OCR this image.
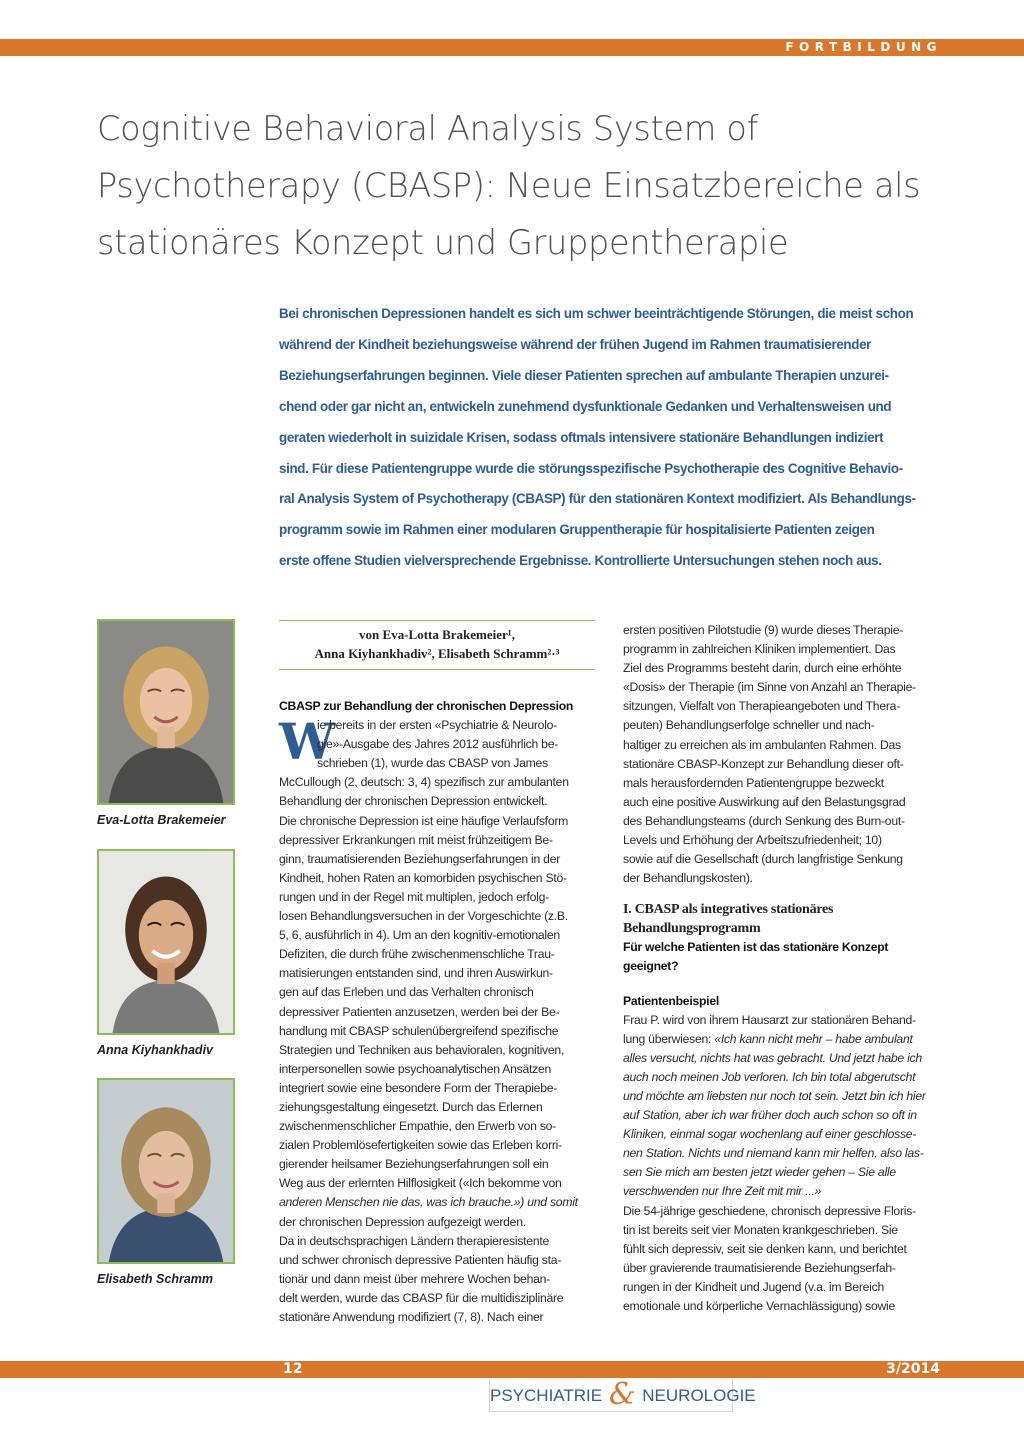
FORTBILDUNG
Cognitive Behavioral Analysis System of
Psychotherapy (CBASP): Neue Einsatzbereiche als
stationäres Konzept und Gruppentherapie
Bei chronischen Depressionen handelt es sich um schwer beeinträchtigende Störungen, die meist schon
während der Kindheit beziehungsweise während der frühen Jugend im Rahmen traumatisierender
Beziehungserfahrungen beginnen. Viele dieser Patienten sprechen auf ambulante Therapien unzurei-
chend oder gar nicht an, entwickeln zunehmend dysfunktionale Gedanken und Verhaltensweisen und
geraten wiederholt in suizidale Krisen, sodass oftmals intensivere stationäre Behandlungen indiziert
sind. Für diese Patientengruppe wurde die störungsspezifische Psychotherapie des Cognitive Behavio-
ral Analysis System of Psychotherapy (CBASP) für den stationären Kontext modifiziert. Als Behandlungs-
programm sowie im Rahmen einer modularen Gruppentherapie für hospitalisierte Patienten zeigen
erste offene Studien vielversprechende Ergebnisse. Kontrollierte Untersuchungen stehen noch aus.
Eva-Lotta Brakemeier
Anna Kiyhankhadiv
Elisabeth Schramm
von Eva-Lotta Brakemeier¹,
Anna Kiyhankhadiv², Elisabeth Schramm²·³
W
CBASP zur Behandlung der chronischen Depression
ie bereits in der ersten «Psychiatrie & Neurolo-
gie»-Ausgabe des Jahres 2012 ausführlich be-
schrieben (1), wurde das CBASP von James
McCullough (2, deutsch: 3, 4) spezifisch zur ambulanten
Behandlung der chronischen Depression entwickelt.
Die chronische Depression ist eine häufige Verlaufsform
depressiver Erkrankungen mit meist frühzeitigem Be-
ginn, traumatisierenden Beziehungserfahrungen in der
Kindheit, hohen Raten an komorbiden psychischen Stö-
rungen und in der Regel mit multiplen, jedoch erfolg-
losen Behandlungsversuchen in der Vorgeschichte (z.B.
5, 6, ausführlich in 4). Um an den kognitiv-emotionalen
Defiziten, die durch frühe zwischenmenschliche Trau-
matisierungen entstanden sind, und ihren Auswirkun-
gen auf das Erleben und das Verhalten chronisch
depressiver Patienten anzusetzen, werden bei der Be-
handlung mit CBASP schulenübergreifend spezifische
Strategien und Techniken aus behavioralen, kognitiven,
interpersonellen sowie psychoanalytischen Ansätzen
integriert sowie eine besondere Form der Therapiebe-
ziehungsgestaltung eingesetzt. Durch das Erlernen
zwischenmenschlicher Empathie, den Erwerb von so-
zialen Problemlösefertigkeiten sowie das Erleben korri-
gierender heilsamer Beziehungserfahrungen soll ein
Weg aus der erlernten Hilflosigkeit («Ich bekomme von
anderen Menschen nie das, was ich brauche.») und somit
der chronischen Depression aufgezeigt werden.
Da in deutschsprachigen Ländern therapieresistente
und schwer chronisch depressive Patienten häufig sta-
tionär und dann meist über mehrere Wochen behan-
delt werden, wurde das CBASP für die multidisziplinäre
stationäre Anwendung modifiziert (7, 8). Nach einer
ersten positiven Pilotstudie (9) wurde dieses Therapie-
programm in zahlreichen Kliniken implementiert. Das
Ziel des Programms besteht darin, durch eine erhöhte
«Dosis» der Therapie (im Sinne von Anzahl an Therapie-
sitzungen, Vielfalt von Therapieangeboten und Thera-
peuten) Behandlungserfolge schneller und nach-
haltiger zu erreichen als im ambulanten Rahmen. Das
stationäre CBASP-Konzept zur Behandlung dieser oft-
mals herausfordernden Patientengruppe bezweckt
auch eine positive Auswirkung auf den Belastungsgrad
des Behandlungsteams (durch Senkung des Burn-out-
Levels und Erhöhung der Arbeitszufriedenheit; 10)
sowie auf die Gesellschaft (durch langfristige Senkung
der Behandlungskosten).
I. CBASP als integratives stationäres
Behandlungsprogramm
Für welche Patienten ist das stationäre Konzept
geeignet?
Patientenbeispiel
Frau P. wird von ihrem Hausarzt zur stationären Behand-
lung überwiesen: «Ich kann nicht mehr – habe ambulant
alles versucht, nichts hat was gebracht. Und jetzt habe ich
auch noch meinen Job verloren. Ich bin total abgerutscht
und möchte am liebsten nur noch tot sein. Jetzt bin ich hier
auf Station, aber ich war früher doch auch schon so oft in
Kliniken, einmal sogar wochenlang auf einer geschlosse-
nen Station. Nichts und niemand kann mir helfen, also las-
sen Sie mich am besten jetzt wieder gehen – Sie alle
verschwenden nur Ihre Zeit mit mir ...»
Die 54-jährige geschiedene, chronisch depressive Floris-
tin ist bereits seit vier Monaten krankgeschrieben. Sie
fühlt sich depressiv, seit sie denken kann, und berichtet
über gravierende traumatisierende Beziehungserfah-
rungen in der Kindheit und Jugend (v.a. im Bereich
emotionale und körperliche Vernachlässigung) sowie
12	3/2014
PSYCHIATRIE & NEUROLOGIE
